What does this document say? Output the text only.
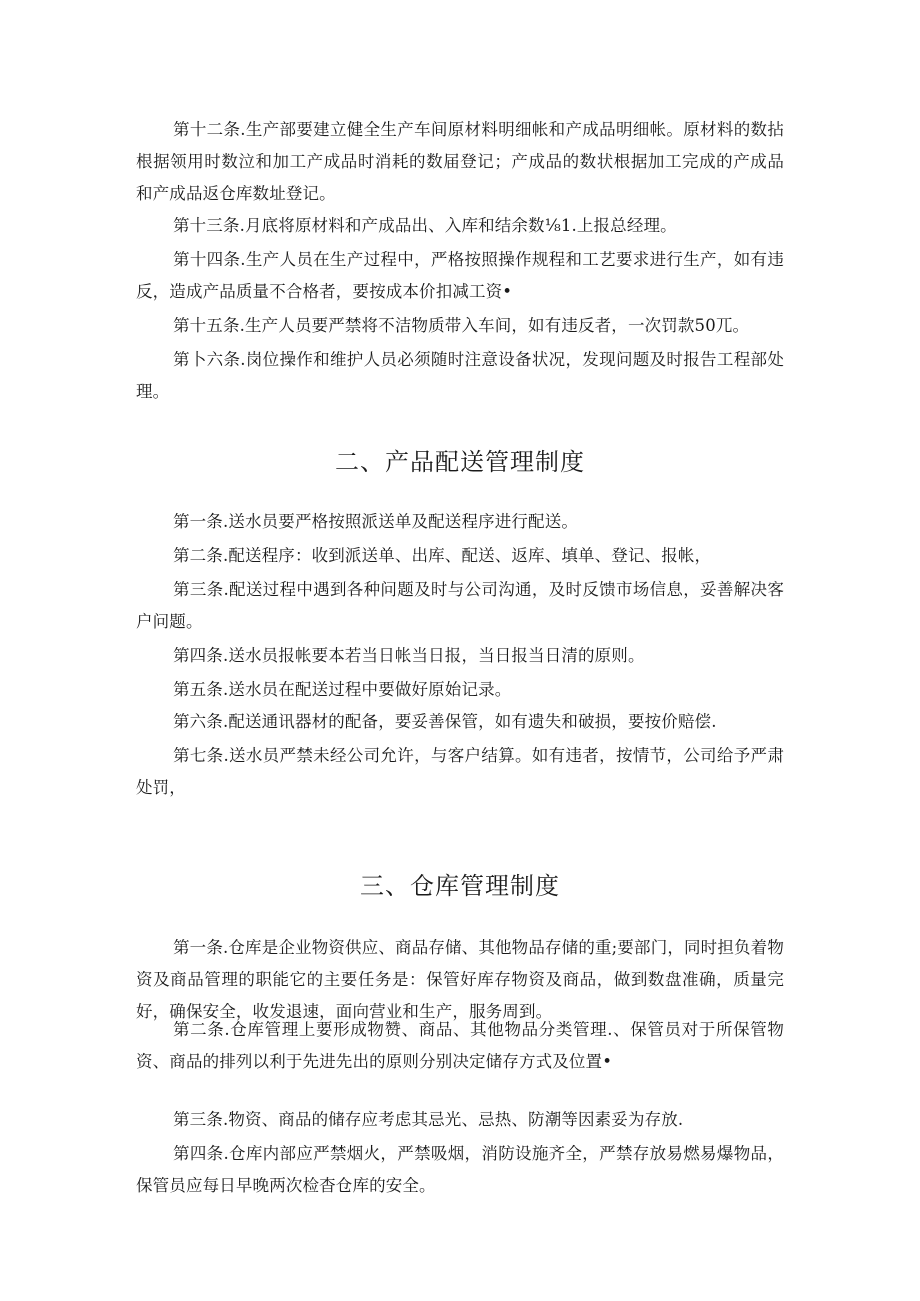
第十二条.生产部要建立健全生产车间原材料明细帐和产成品明细帐。原材料的数拈根据领用时数泣和加工产成品时消耗的数届登记；产成品的数状根据加工完成的产成品和产成品返仓库数址登记。

第十三条.月底将原材料和产成品出、入库和结余数⅛1.上报总经理。

第十四条.生产人员在生产过程中，严格按照操作规程和工艺要求进行生产，如有违反，造成产品质量不合格者，要按成本价扣减工资•

第十五条.生产人员要严禁将不洁物质带入车间，如有违反者，一次罚款50兀。

第卜六条.岗位操作和维护人员必须随时注意设备状况，发现问题及时报告工程部处理。

二、产品配送管理制度

第一条.送水员要严格按照派送单及配送程序进行配送。

第二条.配送程序：收到派送单、出库、配送、返库、填单、登记、报帐，

第三条.配送过程中遇到各种问题及时与公司沟通，及时反馈市场信息，妥善解决客户问题。

第四条.送水员报帐要本若当日帐当日报，当日报当日清的原则。

第五条.送水员在配送过程中要做好原始记录。

第六条.配送通讯器材的配备，要妥善保管，如有遗失和破损，要按价赔偿.

第七条.送水员严禁未经公司允许，与客户结算。如有违者，按情节，公司给予严肃处罚，

三、仓库管理制度

第一条.仓库是企业物资供应、商品存储、其他物品存储的重;要部门，同时担负着物资及商品管理的职能它的主要任务是：保管好库存物资及商品，做到数盘准确，质量完好，确保安全，收发退速，面向营业和生产，服务周到。

第二条.仓库管理上要形成物赞、商品、其他物品分类管理.、保管员对于所保管物资、商品的排列以利于先进先出的原则分别决定储存方式及位置•

第三条.物资、商品的储存应考虑其忌光、忌热、防潮等因素妥为存放.

第四条.仓库内部应严禁烟火，严禁吸烟，消防设施齐全，严禁存放易燃易爆物品，保管员应每日早晚两次检杳仓库的安全。
